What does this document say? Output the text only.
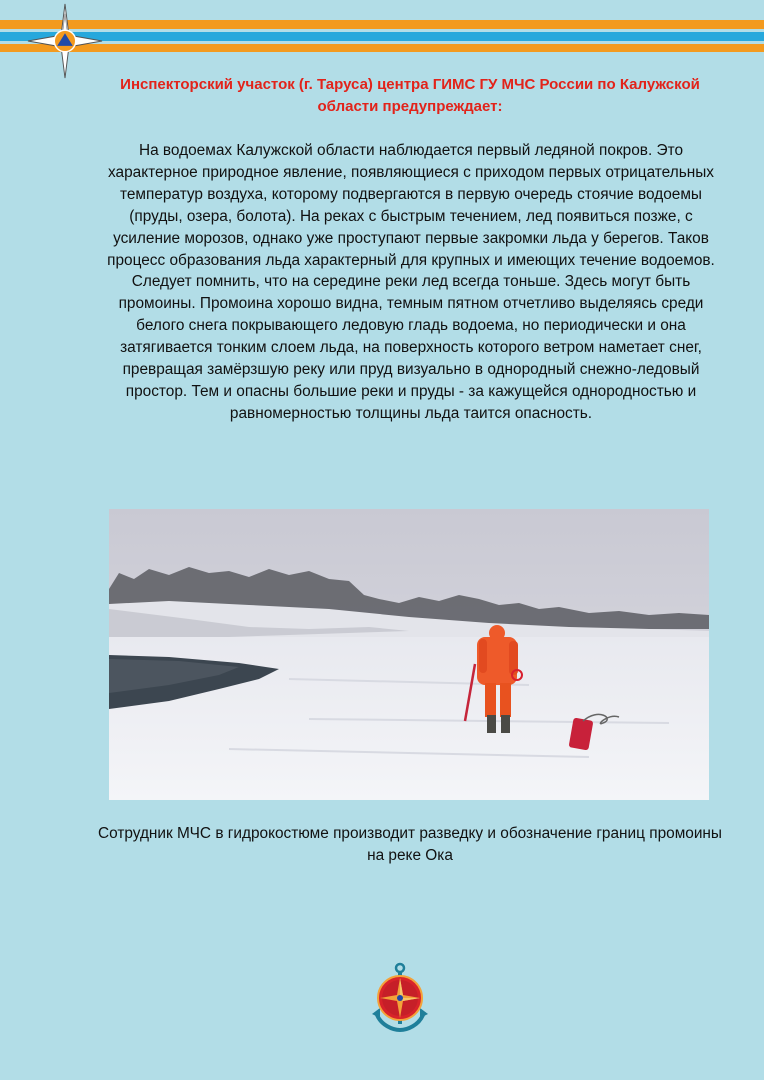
Инспекторский участок (г. Таруса) центра ГИМС ГУ МЧС России по Калужской области предупреждает:
На водоемах Калужской области наблюдается первый ледяной покров. Это характерное природное явление, появляющиеся с приходом первых отрицательных температур воздуха, которому подвергаются в первую очередь стоячие водоемы (пруды, озера, болота). На реках с быстрым течением, лед появиться позже, с усиление морозов, однако уже проступают первые закромки льда у берегов. Таков процесс образования льда характерный для крупных и имеющих течение водоемов. Следует помнить, что на середине реки лед всегда тоньше. Здесь могут быть промоины. Промоина хорошо видна, темным пятном отчетливо выделяясь среди белого снега покрывающего ледовую гладь водоема, но периодически и она затягивается тонким слоем льда, на поверхность которого ветром наметает снег, превращая замёрзшую реку или пруд визуально в однородный снежно-ледовый простор. Тем и опасны большие реки и пруды - за кажущейся однородностью и равномерностью толщины льда таится опасность.
Сотрудник МЧС в гидрокостюме производит разведку и обозначение границ промоины на реке Ока
